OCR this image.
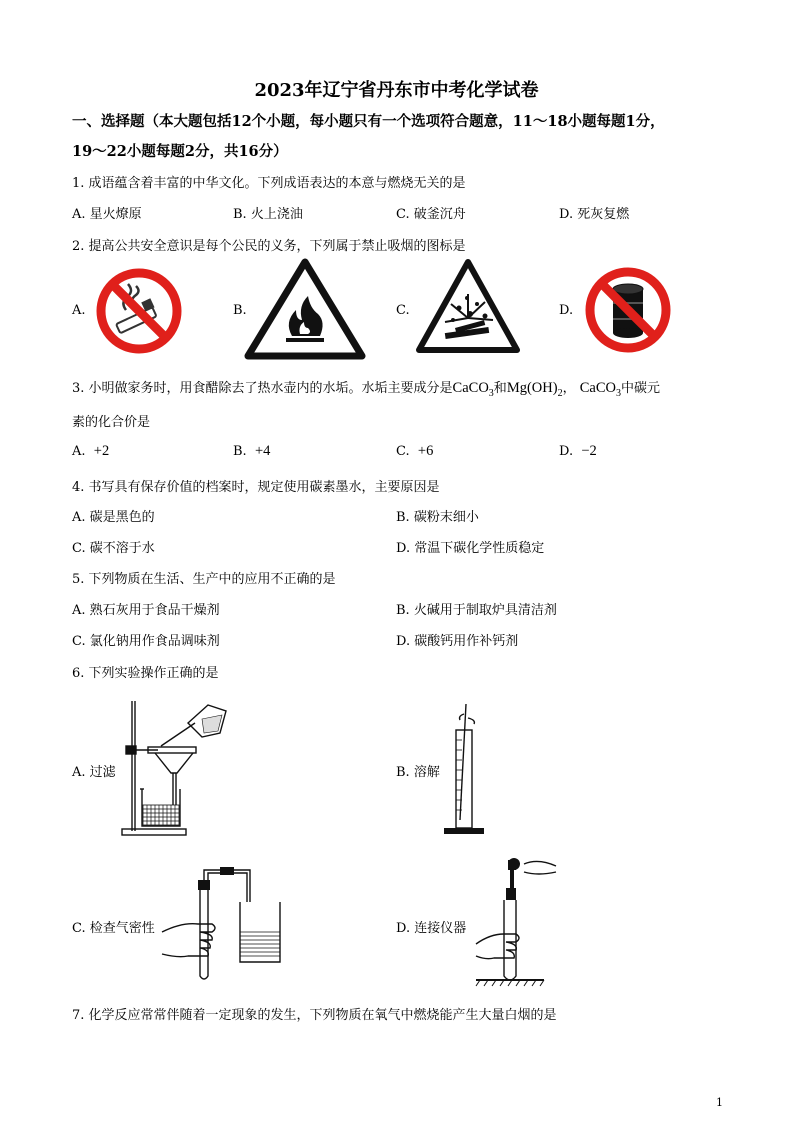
2023年辽宁省丹东市中考化学试卷
一、选择题（本大题包括12个小题，每小题只有一个选项符合题意，11～18小题每题1分，
19～22小题每题2分，共16分）
1. 成语蕴含着丰富的中华文化。下列成语表达的本意与燃烧无关的是
A. 星火燎原	B. 火上浇油	C. 破釜沉舟	D. 死灰复燃
2. 提高公共安全意识是每个公民的义务，下列属于禁止吸烟的图标是
A.	B.	C.	D.
3. 小明做家务时，用食醋除去了热水壶内的水垢。水垢主要成分是CaCO$_3$和$Mg(OH)_2$， CaCO$_3$中碳元
素的化合价是
A. +2	B. +4	C. +6	D. −2
4. 书写具有保存价值的档案时，规定使用碳素墨水，主要原因是
A. 碳是黑色的	B. 碳粉末细小
C. 碳不溶于水	D. 常温下碳化学性质稳定
5. 下列物质在生活、生产中的应用不正确的是
A. 熟石灰用于食品干燥剂	B. 火碱用于制取炉具清洁剂
C. 氯化钠用作食品调味剂	D. 碳酸钙用作补钙剂
6. 下列实验操作正确的是
A. 过滤	B. 溶解
C. 检查气密性	D. 连接仪器
7. 化学反应常常伴随着一定现象的发生，下列物质在氧气中燃烧能产生大量白烟的是
1
